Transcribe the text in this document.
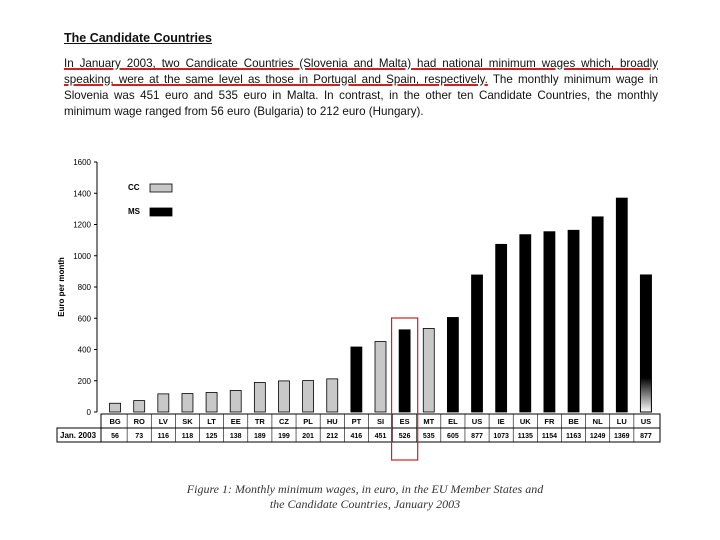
The Candidate Countries
In January 2003, two Candicate Countries (Slovenia and Malta) had national minimum wages which, broadly speaking, were at the same level as those in Portugal and Spain, respectively. The monthly minimum wage in Slovenia was 451 euro and 535 euro in Malta. In contrast, in the other ten Candidate Countries, the monthly minimum wage ranged from 56 euro (Bulgaria) to 212 euro (Hungary).
0
200
400
600
800
1000
1200
1400
1600
Jan. 2003
BG
56
RO
73
LV
116
SK
118
LT
125
EE
138
TR
189
CZ
199
PL
201
HU
212
PT
416
SI
451
ES
526
MT
535
EL
605
US
877
IE
1073
UK
1135
FR
1154
BE
1163
NL
1249
LU
1369
US
877
CC
MS
Euro per month
Figure 1: Monthly minimum wages, in euro, in the EU Member States and
the Candidate Countries, January 2003
